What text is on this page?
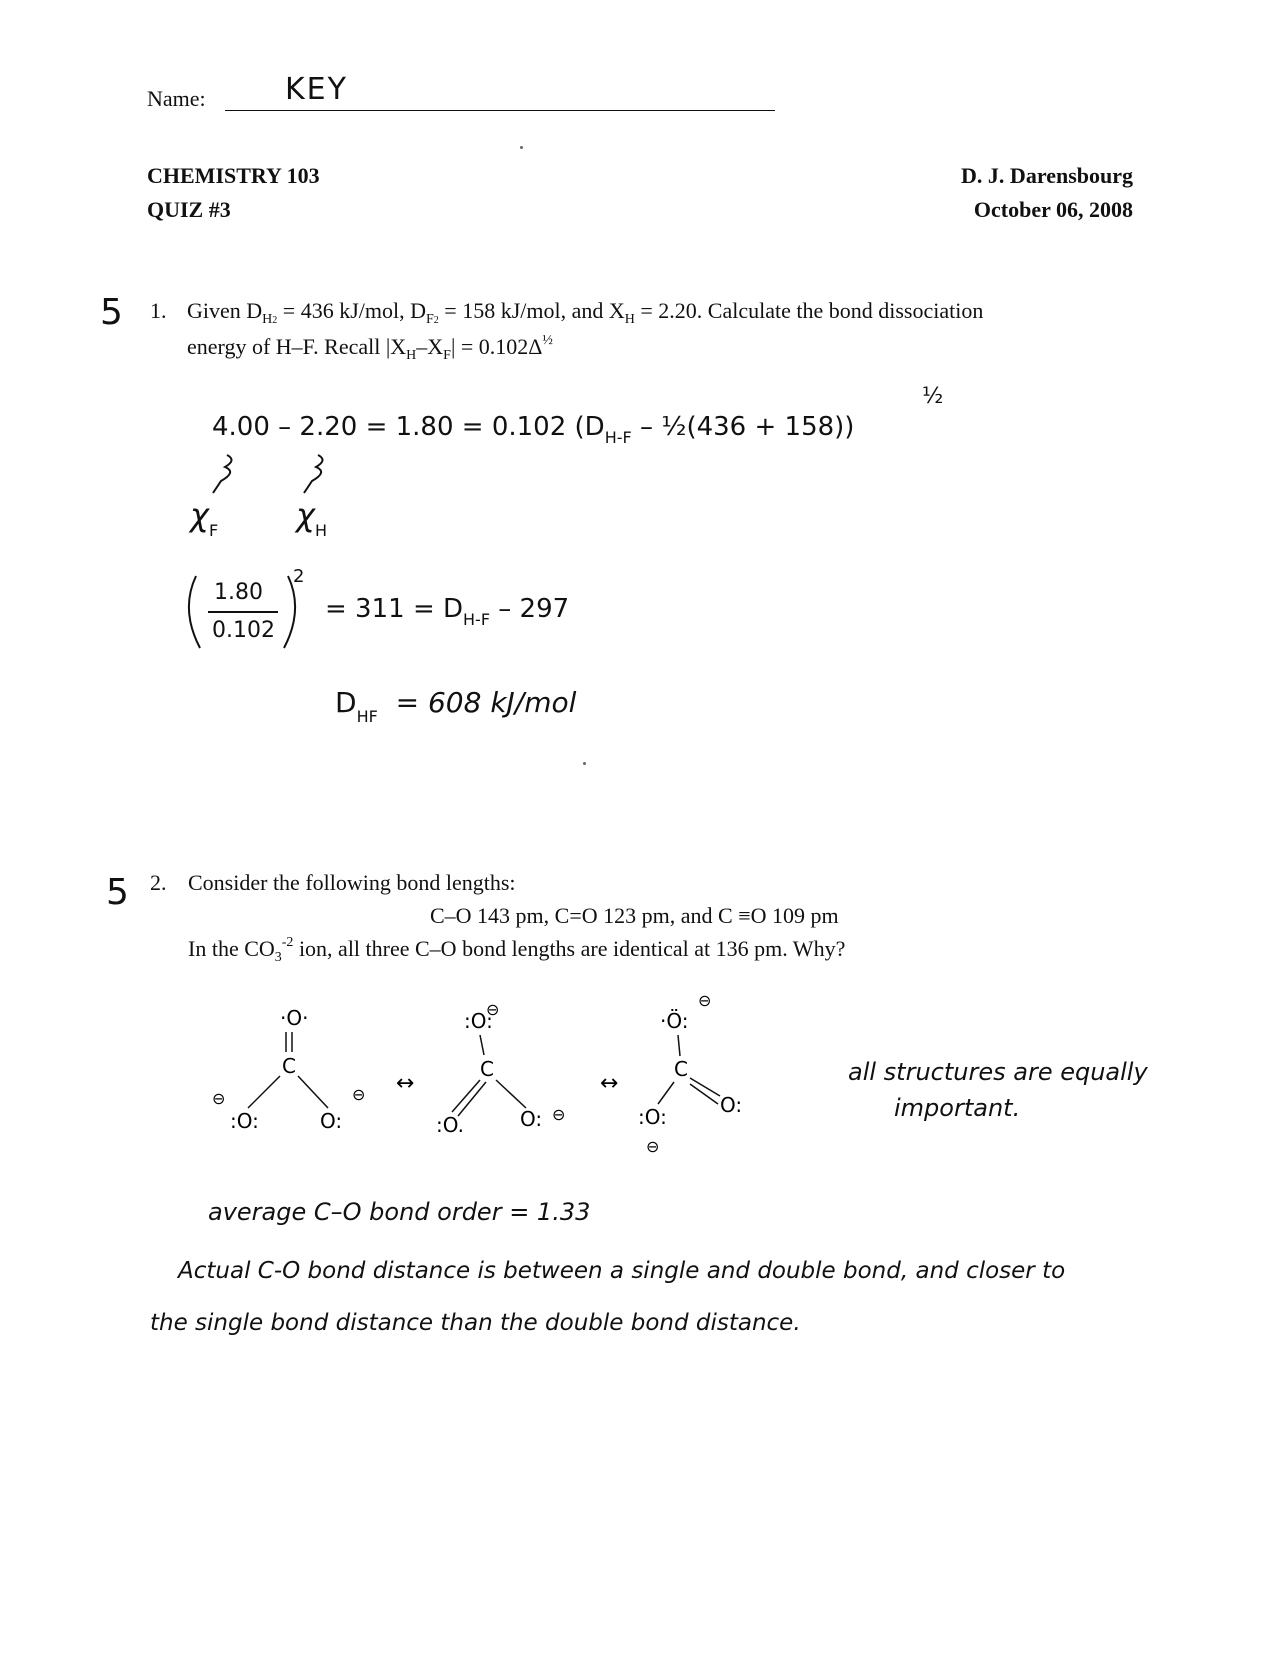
Name:	KEY
CHEMISTRY 103
QUIZ #3
D. J. Darensbourg
October 06, 2008
5 1. Given $D_{H2} = 436$ kJ/mol, $D_{F2} = 158$ kJ/mol, and $X_H = 2.20$. Calculate the bond dissociation
energy of H–F. Recall $|X_H-X_F| = 0.102\Delta^{\frac{1}{2}}$
4.00 – 2.20 = 1.80 = 0.102 ($D_{H-F}$ – ½(436 + 158))
½
$\chi_F$ $\chi_H$
1.80
0.102
2
= $311 = D_{H-F} - 297$
$D_{HF} = 608$ kJ/mol
5 2. Consider the following bond lengths:
C–O 143 pm, C=O 123 pm, and C ≡O 109 pm
In the $CO_3^{-2}$ ion, all three C–O bond lengths are identical at 136 pm. Why?
·O·
C
:O:	O:
⊖	⊖ ↔
⊖
:O:
C
:O.	O: ⊖
↔
⊖
·Ö:
C
:O:	O:
⊖
all structures are equally
important.
average C–O bond order = 1.33
Actual C-O bond distance is between a single and double bond, and closer to
the single bond distance than the double bond distance.
